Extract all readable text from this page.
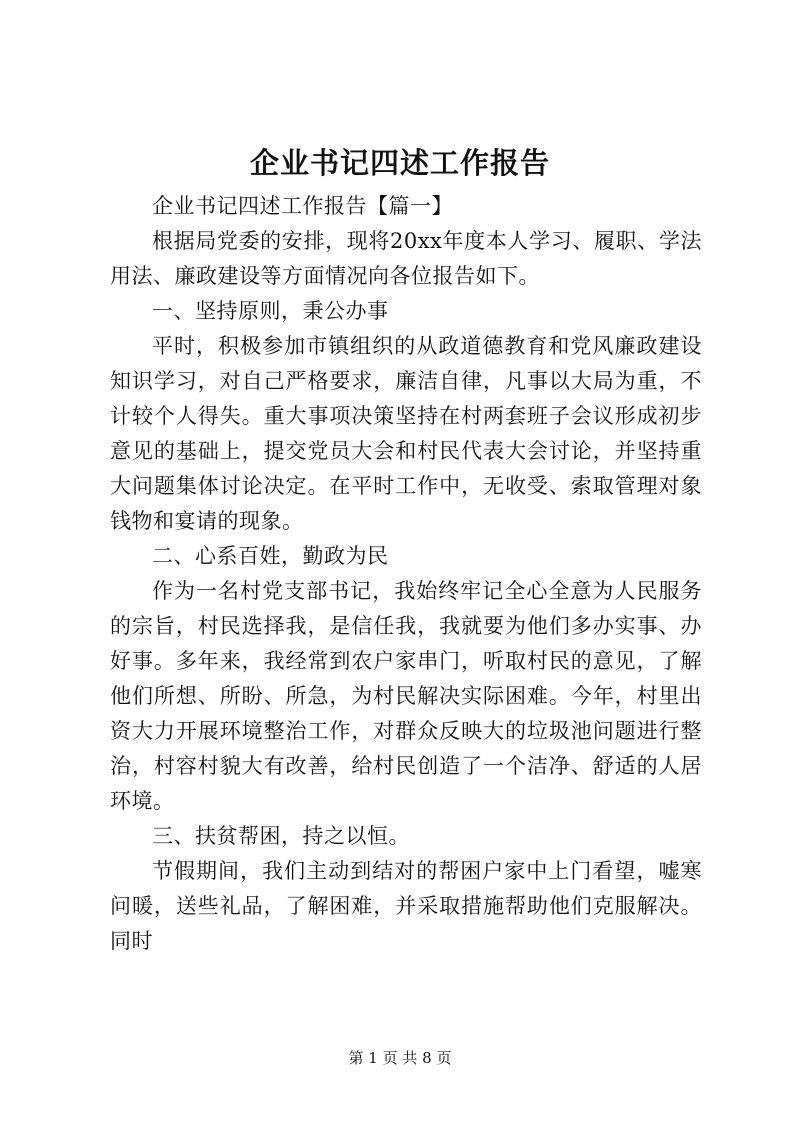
企业书记四述工作报告

企业书记四述工作报告【篇一】

根据局党委的安排，现将20xx年度本人学习、履职、学法用法、廉政建设等方面情况向各位报告如下。

一、坚持原则，秉公办事

平时，积极参加市镇组织的从政道德教育和党风廉政建设知识学习，对自己严格要求，廉洁自律，凡事以大局为重，不计较个人得失。重大事项决策坚持在村两套班子会议形成初步意见的基础上，提交党员大会和村民代表大会讨论，并坚持重大问题集体讨论决定。在平时工作中，无收受、索取管理对象钱物和宴请的现象。

二、心系百姓，勤政为民

作为一名村党支部书记，我始终牢记全心全意为人民服务的宗旨，村民选择我，是信任我，我就要为他们多办实事、办好事。多年来，我经常到农户家串门，听取村民的意见，了解他们所想、所盼、所急，为村民解决实际困难。今年，村里出资大力开展环境整治工作，对群众反映大的垃圾池问题进行整治，村容村貌大有改善，给村民创造了一个洁净、舒适的人居环境。

三、扶贫帮困，持之以恒。

节假期间，我们主动到结对的帮困户家中上门看望，嘘寒问暖，送些礼品，了解困难，并采取措施帮助他们克服解决。同时

第 1 页 共 8 页
